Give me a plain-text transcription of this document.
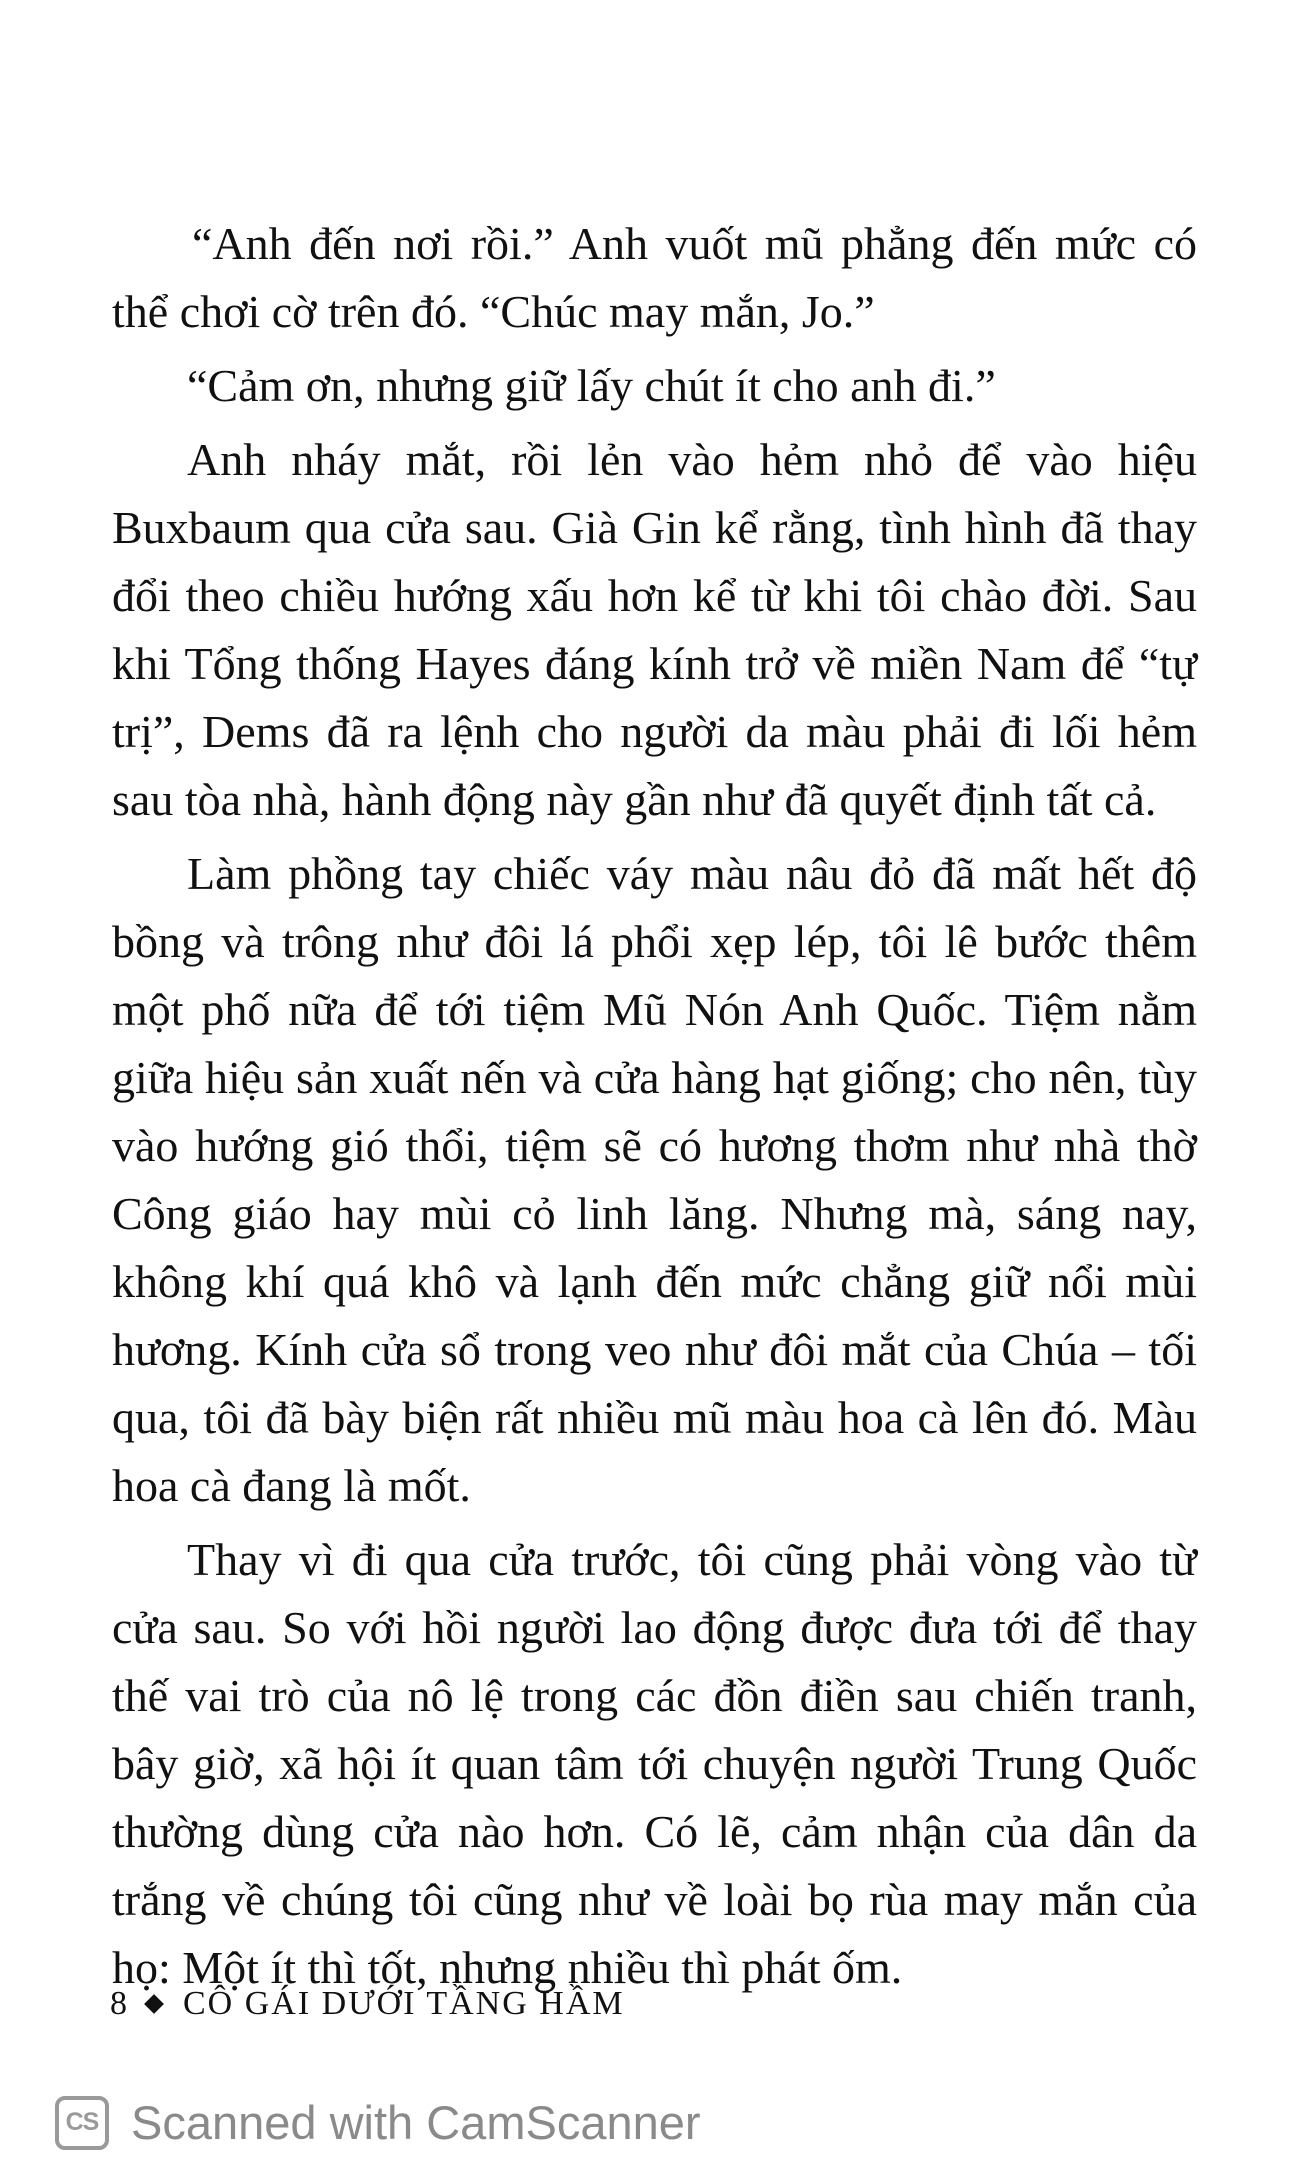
“Anh đến nơi rồi.” Anh vuốt mũ phẳng đến mức có thể chơi cờ trên đó. “Chúc may mắn, Jo.”

“Cảm ơn, nhưng giữ lấy chút ít cho anh đi.”

Anh nháy mắt, rồi lẻn vào hẻm nhỏ để vào hiệu Buxbaum qua cửa sau. Già Gin kể rằng, tình hình đã thay đổi theo chiều hướng xấu hơn kể từ khi tôi chào đời. Sau khi Tổng thống Hayes đáng kính trở về miền Nam để “tự trị”, Dems đã ra lệnh cho người da màu phải đi lối hẻm sau tòa nhà, hành động này gần như đã quyết định tất cả.

Làm phồng tay chiếc váy màu nâu đỏ đã mất hết độ bồng và trông như đôi lá phổi xẹp lép, tôi lê bước thêm một phố nữa để tới tiệm Mũ Nón Anh Quốc. Tiệm nằm giữa hiệu sản xuất nến và cửa hàng hạt giống; cho nên, tùy vào hướng gió thổi, tiệm sẽ có hương thơm như nhà thờ Công giáo hay mùi cỏ linh lăng. Nhưng mà, sáng nay, không khí quá khô và lạnh đến mức chẳng giữ nổi mùi hương. Kính cửa sổ trong veo như đôi mắt của Chúa – tối qua, tôi đã bày biện rất nhiều mũ màu hoa cà lên đó. Màu hoa cà đang là mốt.

Thay vì đi qua cửa trước, tôi cũng phải vòng vào từ cửa sau. So với hồi người lao động được đưa tới để thay thế vai trò của nô lệ trong các đồn điền sau chiến tranh, bây giờ, xã hội ít quan tâm tới chuyện người Trung Quốc thường dùng cửa nào hơn. Có lẽ, cảm nhận của dân da trắng về chúng tôi cũng như về loài bọ rùa may mắn của họ: Một ít thì tốt, nhưng nhiều thì phát ốm.

8 CÔ GÁI DƯỚI TẦNG HẦM
CS Scanned with CamScanner
